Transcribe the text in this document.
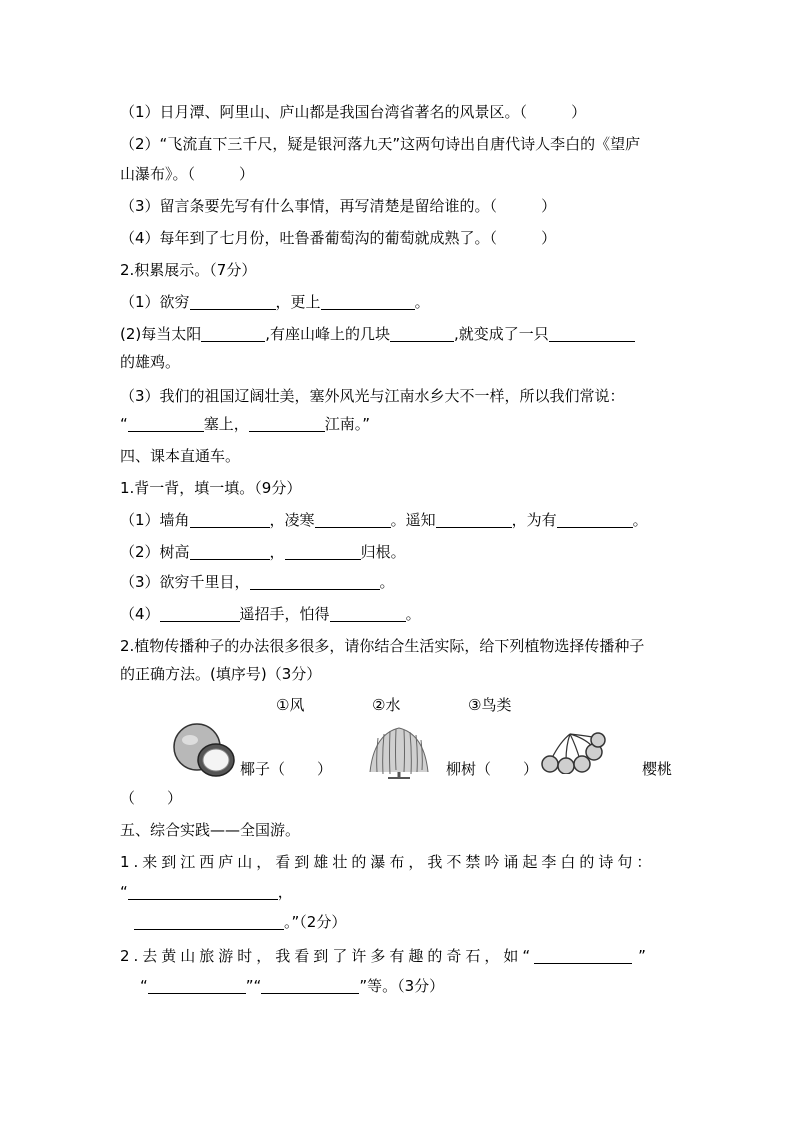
（1）日月潭、阿里山、庐山都是我国台湾省著名的风景区。（	）
（2）“飞流直下三千尺，疑是银河落九天”这两句诗出自唐代诗人李白的《望庐
山瀑布》。（	）
（3）留言条要先写有什么事情，再写清楚是留给谁的。（	）
（4）每年到了七月份，吐鲁番葡萄沟的葡萄就成熟了。（	）
2.积累展示。（7分）
（1）欲穷	，更上	。
(2)每当太阳	,有座山峰上的几块	,就变成了一只
的雄鸡。
（3）我们的祖国辽阔壮美，塞外风光与江南水乡大不一样，所以我们常说：
“	塞上，	江南。”
四、课本直通车。
1.背一背，填一填。（9分）
（1）墙角	，凌寒	。遥知	，为有	。
（2）树高	，	归根。
（3）欲穷千里目，	。
（4）	遥招手，怕得	。
2.植物传播种子的办法很多很多，请你结合生活实际，给下列植物选择传播种子
的正确方法。(填序号)（3分）
①风	②水	③鸟类
椰子（ ）	柳树（ ）	樱桃
（ ）
五、综合实践——全国游。
1.来到江西庐山，看到雄壮的瀑布，我不禁吟诵起李白的诗句：
“	，
。”（2分）
2.去黄山旅游时，我看到了许多有趣的奇石，如“	”
“	”“	”等。（3分）
